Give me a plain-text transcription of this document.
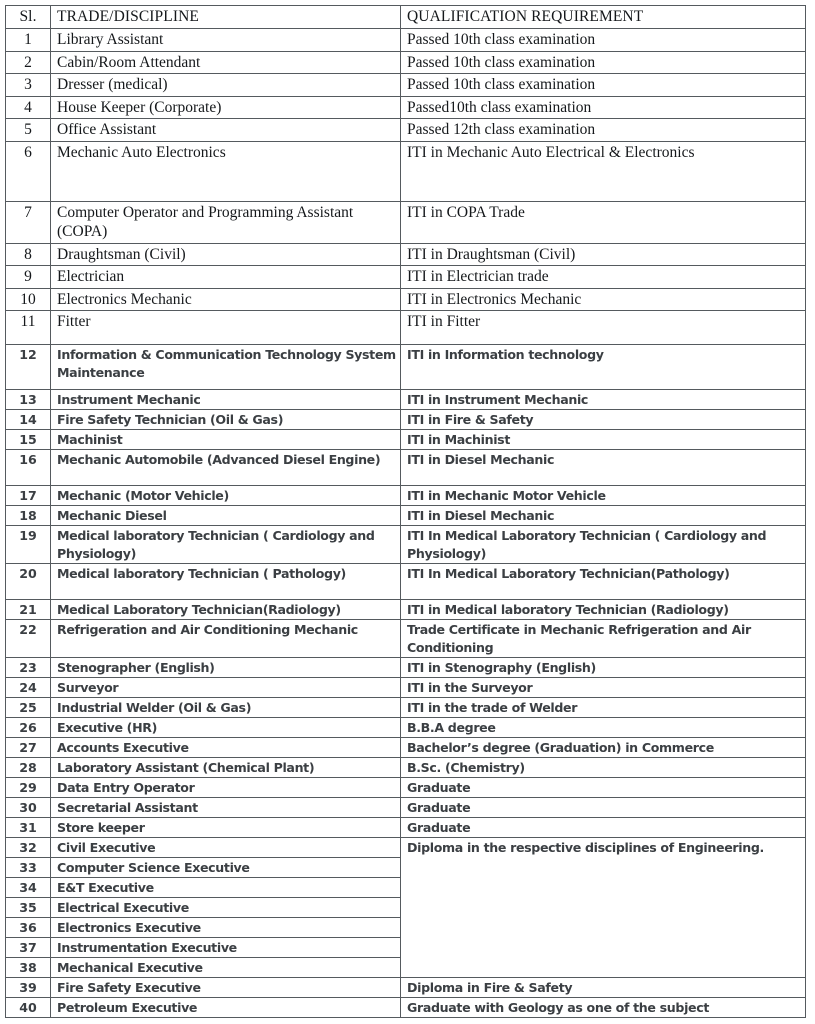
Sl.	TRADE/DISCIPLINE	QUALIFICATION REQUIREMENT
1	Library Assistant	Passed 10th class examination
2	Cabin/Room Attendant	Passed 10th class examination
3	Dresser (medical)	Passed 10th class examination
4	House Keeper (Corporate)	Passed10th class examination
5	Office Assistant	Passed 12th class examination
6	Mechanic Auto Electronics	ITI in Mechanic Auto Electrical & Electronics
7	Computer Operator and Programming Assistant (COPA)	ITI in COPA Trade
8	Draughtsman (Civil)	ITI in Draughtsman (Civil)
9	Electrician	ITI in Electrician trade
10	Electronics Mechanic	ITI in Electronics Mechanic
11	Fitter	ITI in Fitter
12	Information & Communication Technology System Maintenance	ITI in Information technology
13	Instrument Mechanic	ITI in Instrument Mechanic
14	Fire Safety Technician (Oil & Gas)	ITI in Fire & Safety
15	Machinist	ITI in Machinist
16	Mechanic Automobile (Advanced Diesel Engine)	ITI in Diesel Mechanic
17	Mechanic (Motor Vehicle)	ITI in Mechanic Motor Vehicle
18	Mechanic Diesel	ITI in Diesel Mechanic
19	Medical laboratory Technician ( Cardiology and Physiology)	ITI In Medical Laboratory Technician ( Cardiology and Physiology)
20	Medical laboratory Technician ( Pathology)	ITI In Medical Laboratory Technician(Pathology)
21	Medical Laboratory Technician(Radiology)	ITI in Medical laboratory Technician (Radiology)
22	Refrigeration and Air Conditioning Mechanic	Trade Certificate in Mechanic Refrigeration and Air Conditioning
23	Stenographer (English)	ITI in Stenography (English)
24	Surveyor	ITI in the Surveyor
25	Industrial Welder (Oil & Gas)	ITI in the trade of Welder
26	Executive (HR)	B.B.A degree
27	Accounts Executive	Bachelor’s degree (Graduation) in Commerce
28	Laboratory Assistant (Chemical Plant)	B.Sc. (Chemistry)
29	Data Entry Operator	Graduate
30	Secretarial Assistant	Graduate
31	Store keeper	Graduate
32	Civil Executive	Diploma in the respective disciplines of Engineering.
33	Computer Science Executive	
34	E&T Executive	
35	Electrical Executive	
36	Electronics Executive	
37	Instrumentation Executive	
38	Mechanical Executive	
39	Fire Safety Executive	Diploma in Fire & Safety
40	Petroleum Executive	Graduate with Geology as one of the subject
